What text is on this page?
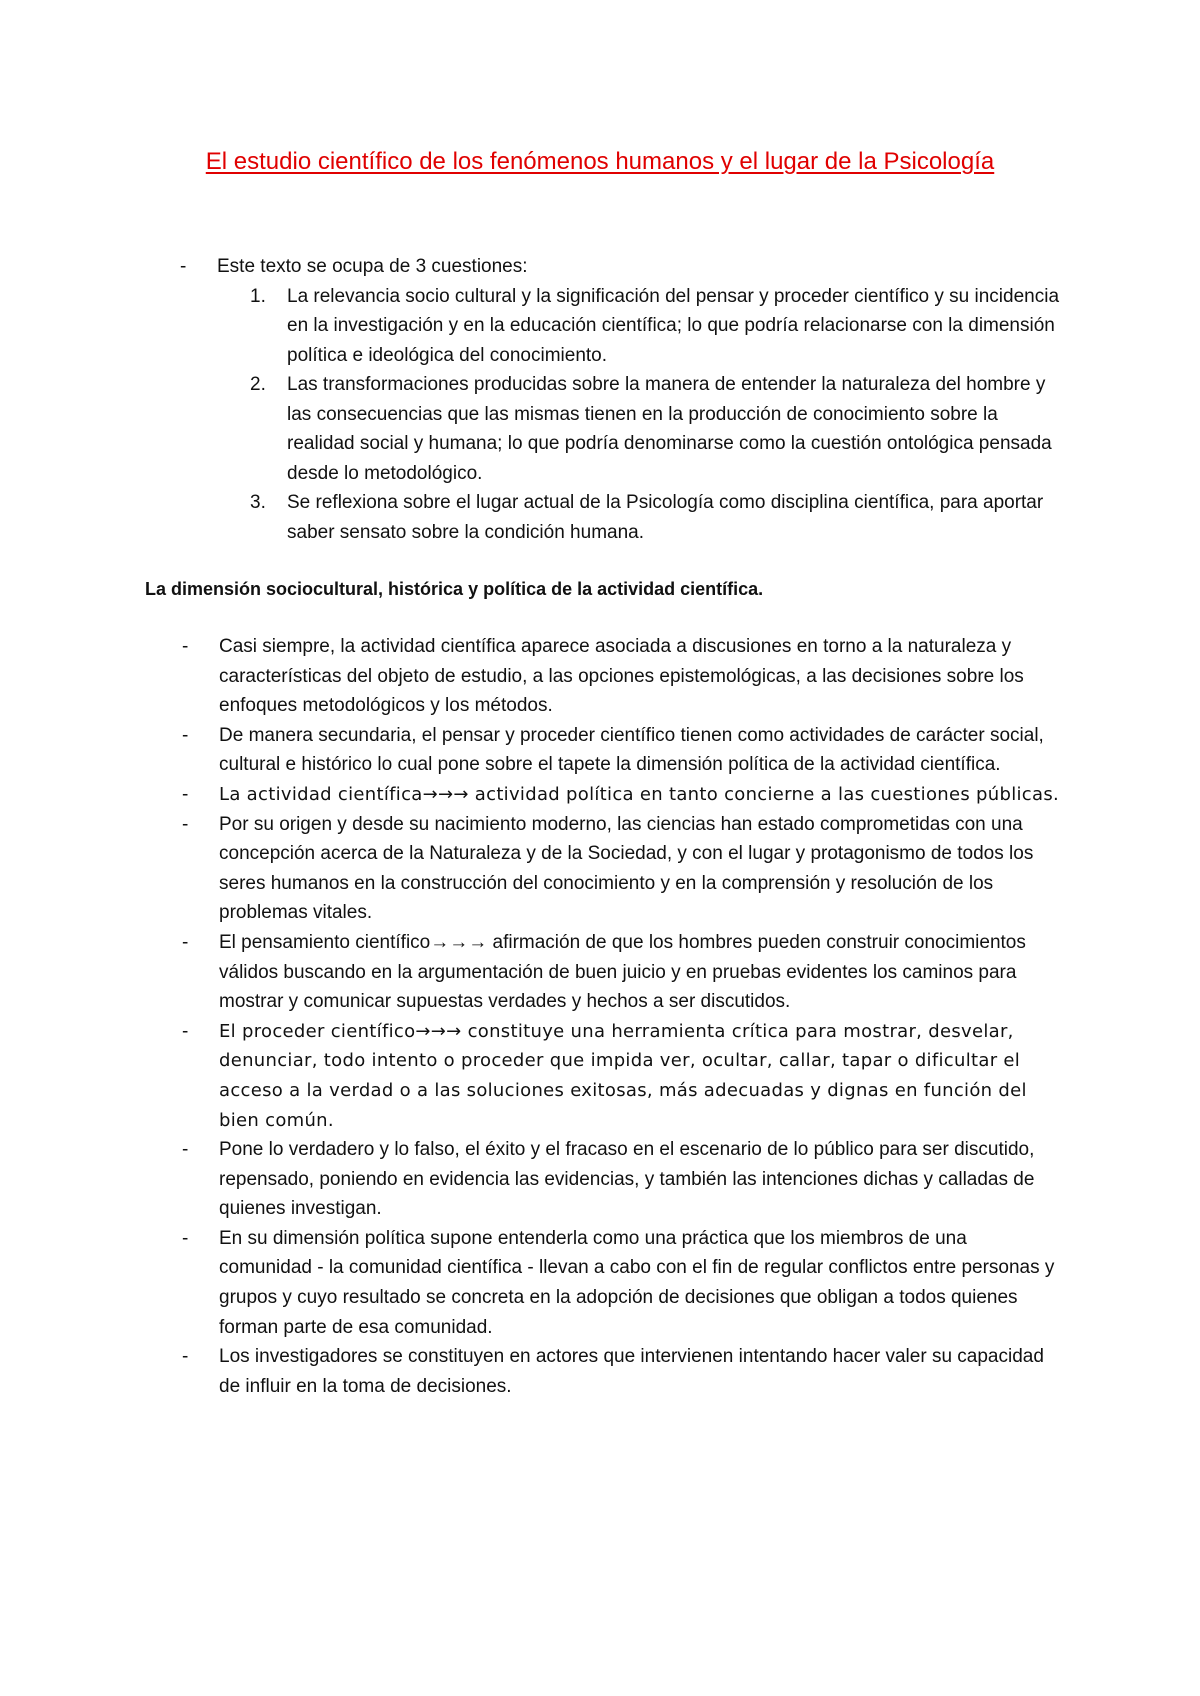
El estudio científico de los fenómenos humanos y el lugar de la Psicología
- Este texto se ocupa de 3 cuestiones:
1. La relevancia socio cultural y la significación del pensar y proceder científico y su incidencia en la investigación y en la educación científica; lo que podría relacionarse con la dimensión política e ideológica del conocimiento.
2. Las transformaciones producidas sobre la manera de entender la naturaleza del hombre y las consecuencias que las mismas tienen en la producción de conocimiento sobre la realidad social y humana; lo que podría denominarse como la cuestión ontológica pensada desde lo metodológico.
3. Se reflexiona sobre el lugar actual de la Psicología como disciplina científica, para aportar saber sensato sobre la condición humana.
La dimensión sociocultural, histórica y política de la actividad científica.
- Casi siempre, la actividad científica aparece asociada a discusiones en torno a la naturaleza y características del objeto de estudio, a las opciones epistemológicas, a las decisiones sobre los enfoques metodológicos y los métodos.
- De manera secundaria, el pensar y proceder científico tienen como actividades de carácter social, cultural e histórico lo cual pone sobre el tapete la dimensión política de la actividad científica.
- La actividad científica→→→ actividad política en tanto concierne a las cuestiones públicas.
- Por su origen y desde su nacimiento moderno, las ciencias han estado comprometidas con una concepción acerca de la Naturaleza y de la Sociedad, y con el lugar y protagonismo de todos los seres humanos en la construcción del conocimiento y en la comprensión y resolución de los problemas vitales.
- El pensamiento científico→→→ afirmación de que los hombres pueden construir conocimientos válidos buscando en la argumentación de buen juicio y en pruebas evidentes los caminos para mostrar y comunicar supuestas verdades y hechos a ser discutidos.
- El proceder científico→→→ constituye una herramienta crítica para mostrar, desvelar, denunciar, todo intento o proceder que impida ver, ocultar, callar, tapar o dificultar el acceso a la verdad o a las soluciones exitosas, más adecuadas y dignas en función del bien común.
- Pone lo verdadero y lo falso, el éxito y el fracaso en el escenario de lo público para ser discutido, repensado, poniendo en evidencia las evidencias, y también las intenciones dichas y calladas de quienes investigan.
- En su dimensión política supone entenderla como una práctica que los miembros de una comunidad - la comunidad científica - llevan a cabo con el fin de regular conflictos entre personas y grupos y cuyo resultado se concreta en la adopción de decisiones que obligan a todos quienes forman parte de esa comunidad.
- Los investigadores se constituyen en actores que intervienen intentando hacer valer su capacidad de influir en la toma de decisiones.
